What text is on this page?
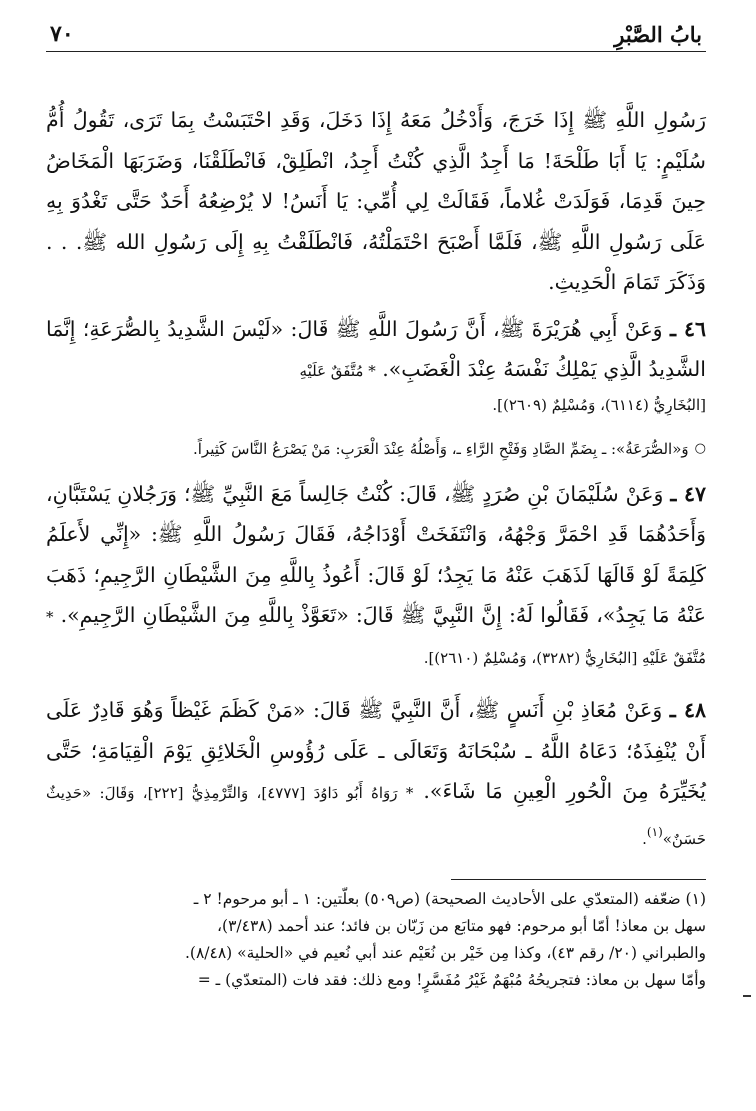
بابُ الصَّبْرِ
٧٠

رَسُولِ اللَّهِ ﷺ إِذَا خَرَجَ، وَأَدْخُلُ مَعَهُ إِذَا دَخَلَ، وَقَدِ احْتَبَسْتُ بِمَا تَرَى، تَقُولُ أُمُّ سُلَيْمٍ: يَا أَبَا طَلْحَةَ! مَا أَجِدُ الَّذِي كُنْتُ أَجِدُ، انْطَلِقْ، فَانْطَلَقْنَا، وَضَرَبَهَا الْمَخَاضُ حِينَ قَدِمَا، فَوَلَدَتْ غُلاماً، فَقَالَتْ لِي أُمِّي: يَا أَنَسُ! لا يُرْضِعُهُ أَحَدٌ حَتَّى تَغْدُوَ بِهِ عَلَى رَسُولِ اللَّهِ ﷺ، فَلَمَّا أَصْبَحَ احْتَمَلْتُهُ، فَانْطَلَقْتُ بِهِ إِلَى رَسُولِ الله ﷺ. . . وَذَكَرَ تَمَامَ الْحَدِيثِ.

٤٦ ـ وَعَنْ أَبِي هُرَيْرَةَ ﷺ، أَنَّ رَسُولَ اللَّهِ ﷺ قَالَ: «لَيْسَ الشَّدِيدُ بِالصُّرَعَةِ؛ إِنَّمَا الشَّدِيدُ الَّذِي يَمْلِكُ نَفْسَهُ عِنْدَ الْغَضَبِ». * مُتَّفَقٌ عَلَيْهِ

[البُخَارِيُّ (٦١١٤)، وَمُسْلِمٌ (٢٦٠٩)].

○
وَ«الصُّرَعَةُ»: ـ بِضَمِّ الصَّادِ وَفَتْحِ الرَّاءِ ـ، وَأَصْلُهُ عِنْدَ الْعَرَبِ: مَنْ يَصْرَعُ النَّاسَ كَثِيراً.

٤٧ ـ وَعَنْ سُلَيْمَانَ بْنِ صُرَدٍ ﷺ، قَالَ: كُنْتُ جَالِساً مَعَ النَّبِيِّ ﷺ؛ وَرَجُلانِ يَسْتَبَّانِ، وَأَحَدُهُمَا قَدِ احْمَرَّ وَجْهُهُ، وَانْتَفَخَتْ أَوْدَاجُهُ، فَقَالَ رَسُولُ اللَّهِ ﷺ: «إِنِّي لأَعلَمُ كَلِمَةً لَوْ قَالَهَا لَذَهَبَ عَنْهُ مَا يَجِدُ؛ لَوْ قَالَ: أَعُوذُ بِاللَّهِ مِنَ الشَّيْطَانِ الرَّجِيمِ؛ ذَهَبَ عَنْهُ مَا يَجِدُ»، فَقَالُوا لَهُ: إِنَّ النَّبِيَّ ﷺ قَالَ: «تَعَوَّذْ بِاللَّهِ مِنَ الشَّيْطَانِ الرَّجِيمِ». * مُتَّفَقٌ عَلَيْهِ [البُخَارِيُّ (٣٢٨٢)، وَمُسْلِمٌ (٢٦١٠)].

٤٨ ـ وَعَنْ مُعَاذِ بْنِ أَنَسٍ ﷺ، أَنَّ النَّبِيَّ ﷺ قَالَ: «مَنْ كَظَمَ غَيْظاً وَهُوَ قَادِرٌ عَلَى أَنْ يُنْفِذَهُ؛ دَعَاهُ اللَّهُ ـ سُبْحَانَهُ وَتَعَالَى ـ عَلَى رُؤُوسِ الْخَلائِقِ يَوْمَ الْقِيَامَةِ؛ حَتَّى يُخَيِّرَهُ مِنَ الْحُورِ الْعِينِ مَا شَاءَ». * رَوَاهُ أَبُو دَاوُدَ [٤٧٧٧]، وَالتِّرْمِذِيُّ [٢٢٢]، وَقَالَ: «حَدِيثٌ حَسَنٌ»$^{(١)}$.

(١) ضعّفه (المتعدّي على الأحاديث الصحيحة) (ص٥٠٩) بعلّتين: ١ ـ أبو مرحوم! ٢ ـ

سهل بن معاذ! أمّا أبو مرحوم: فهو متابَع من زَبّان بن فائد؛ عند أحمد (٣/٤٣٨)،

والطبراني (٢٠/ رقم ٤٣)، وكذا مِن خَيْر بن نُعَيْم عند أبي نُعيم في «الحلية» (٨/٤٨).

وأمّا سهل بن معاذ: فتجريحُهُ مُبْهَمٌ غَيْرُ مُفَسَّرٍ! ومع ذلك: فقد فات (المتعدّي) ـ =
